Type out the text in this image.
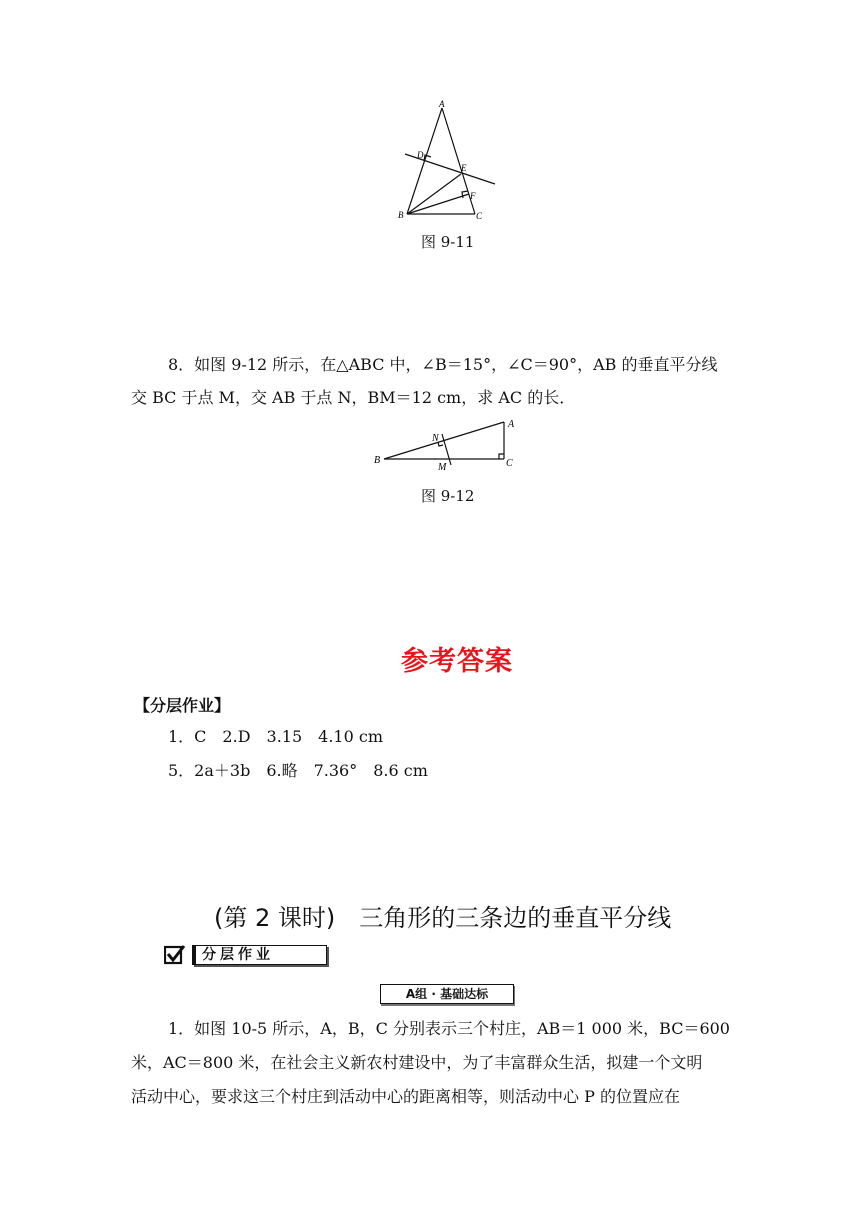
A
D
E
F
B	C
图 9-11
8．如图 9-12 所示，在△ABC 中，∠B＝15°，∠C＝90°，AB 的垂直平分线
交 BC 于点 M，交 AB 于点 N，BM＝12 cm，求 AC 的长．
A
N
B
M	C
图 9-12
参考答案
【分层作业】
1．C　2.D　3.15　4.10 cm
5．2a＋3b　6.略　7.36°　8.6 cm
(第 2 课时)　三角形的三条边的垂直平分线
分层作业
A组 · 基础达标
1．如图 10-5 所示，A，B，C 分别表示三个村庄，AB＝1 000 米，BC＝600
米，AC＝800 米，在社会主义新农村建设中，为了丰富群众生活，拟建一个文明
活动中心，要求这三个村庄到活动中心的距离相等，则活动中心 P 的位置应在
